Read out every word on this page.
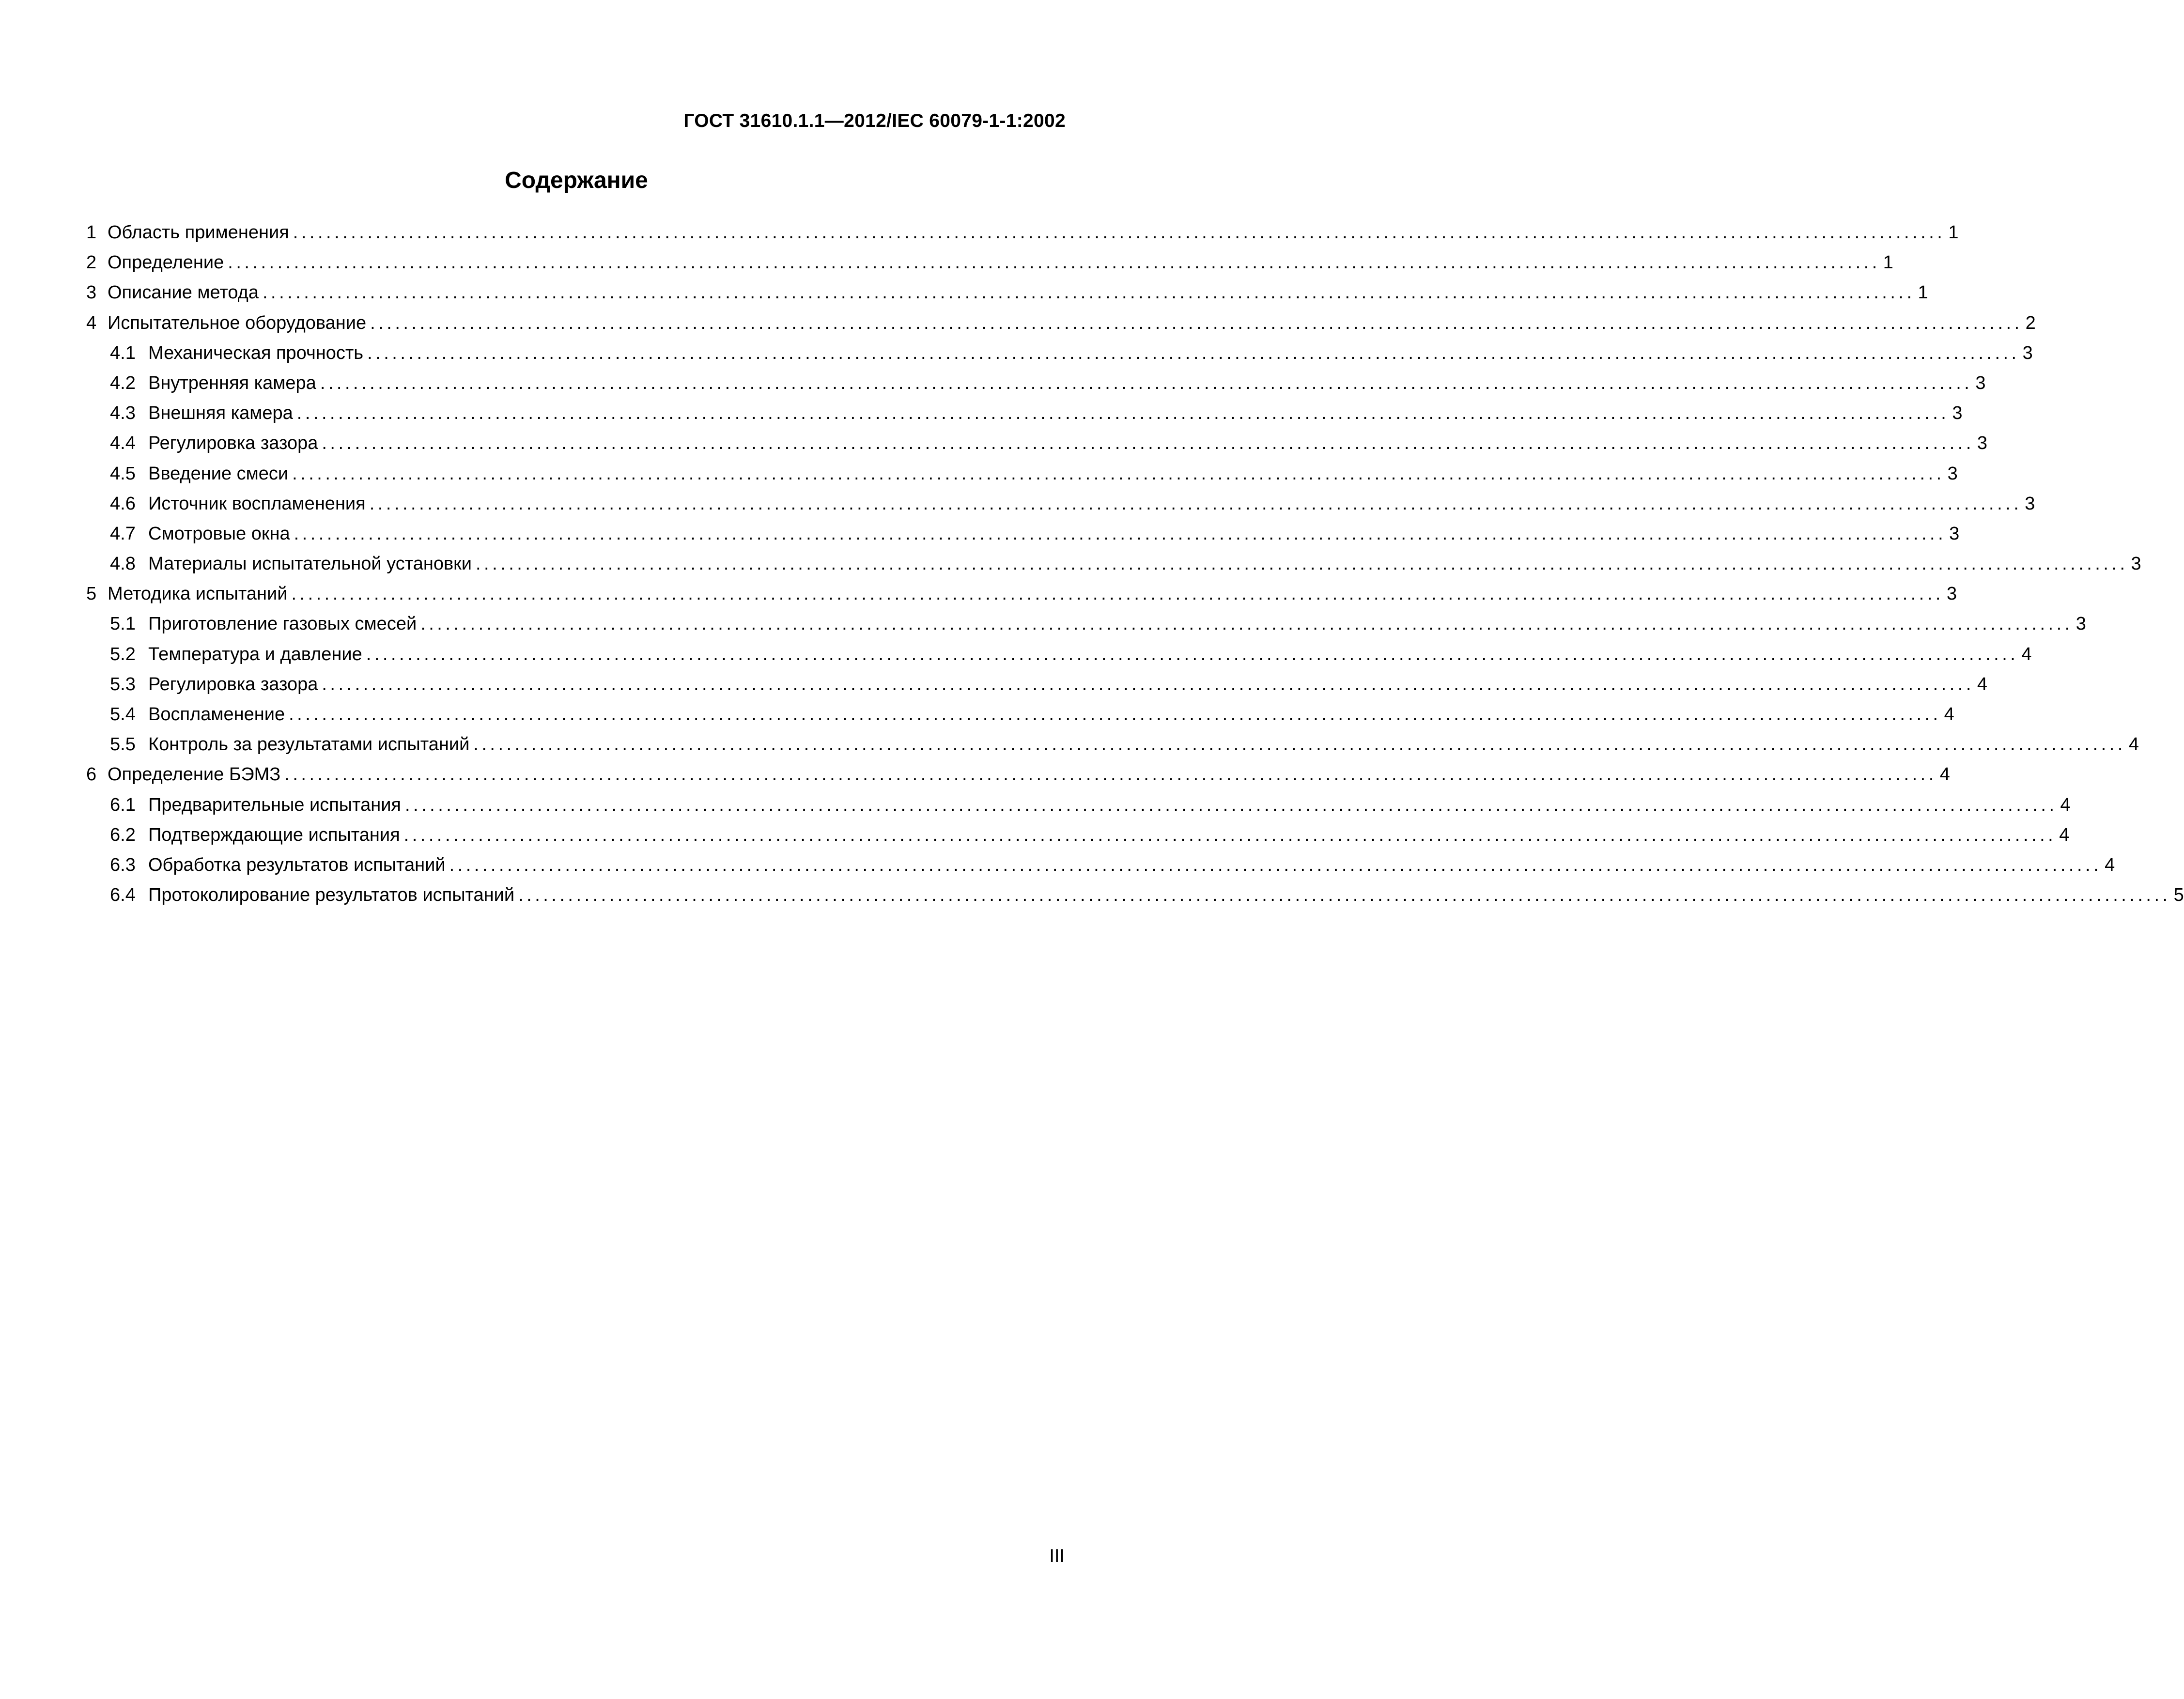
ГОСТ 31610.1.1—2012/IEC 60079-1-1:2002
Содержание
1 Область применения ........................................................................................................................................................................................................ 1
2 Определение ........................................................................................................................................................................................................ 1
3 Описание метода ........................................................................................................................................................................................................ 1
4 Испытательное оборудование ........................................................................................................................................................................................................ 2
4.1 Механическая прочность ........................................................................................................................................................................................................ 3
4.2 Внутренняя камера ........................................................................................................................................................................................................ 3
4.3 Внешняя камера ........................................................................................................................................................................................................ 3
4.4 Регулировка зазора ........................................................................................................................................................................................................ 3
4.5 Введение смеси ........................................................................................................................................................................................................ 3
4.6 Источник воспламенения ........................................................................................................................................................................................................ 3
4.7 Смотровые окна ........................................................................................................................................................................................................ 3
4.8 Материалы испытательной установки ........................................................................................................................................................................................................ 3
5 Методика испытаний ........................................................................................................................................................................................................ 3
5.1 Приготовление газовых смесей ........................................................................................................................................................................................................ 3
5.2 Температура и давление ........................................................................................................................................................................................................ 4
5.3 Регулировка зазора ........................................................................................................................................................................................................ 4
5.4 Воспламенение ........................................................................................................................................................................................................ 4
5.5 Контроль за результатами испытаний ........................................................................................................................................................................................................ 4
6 Определение БЭМЗ ........................................................................................................................................................................................................ 4
6.1 Предварительные испытания ........................................................................................................................................................................................................ 4
6.2 Подтверждающие испытания ........................................................................................................................................................................................................ 4
6.3 Обработка результатов испытаний ........................................................................................................................................................................................................ 4
6.4 Протоколирование результатов испытаний ........................................................................................................................................................................................................ 5
III
